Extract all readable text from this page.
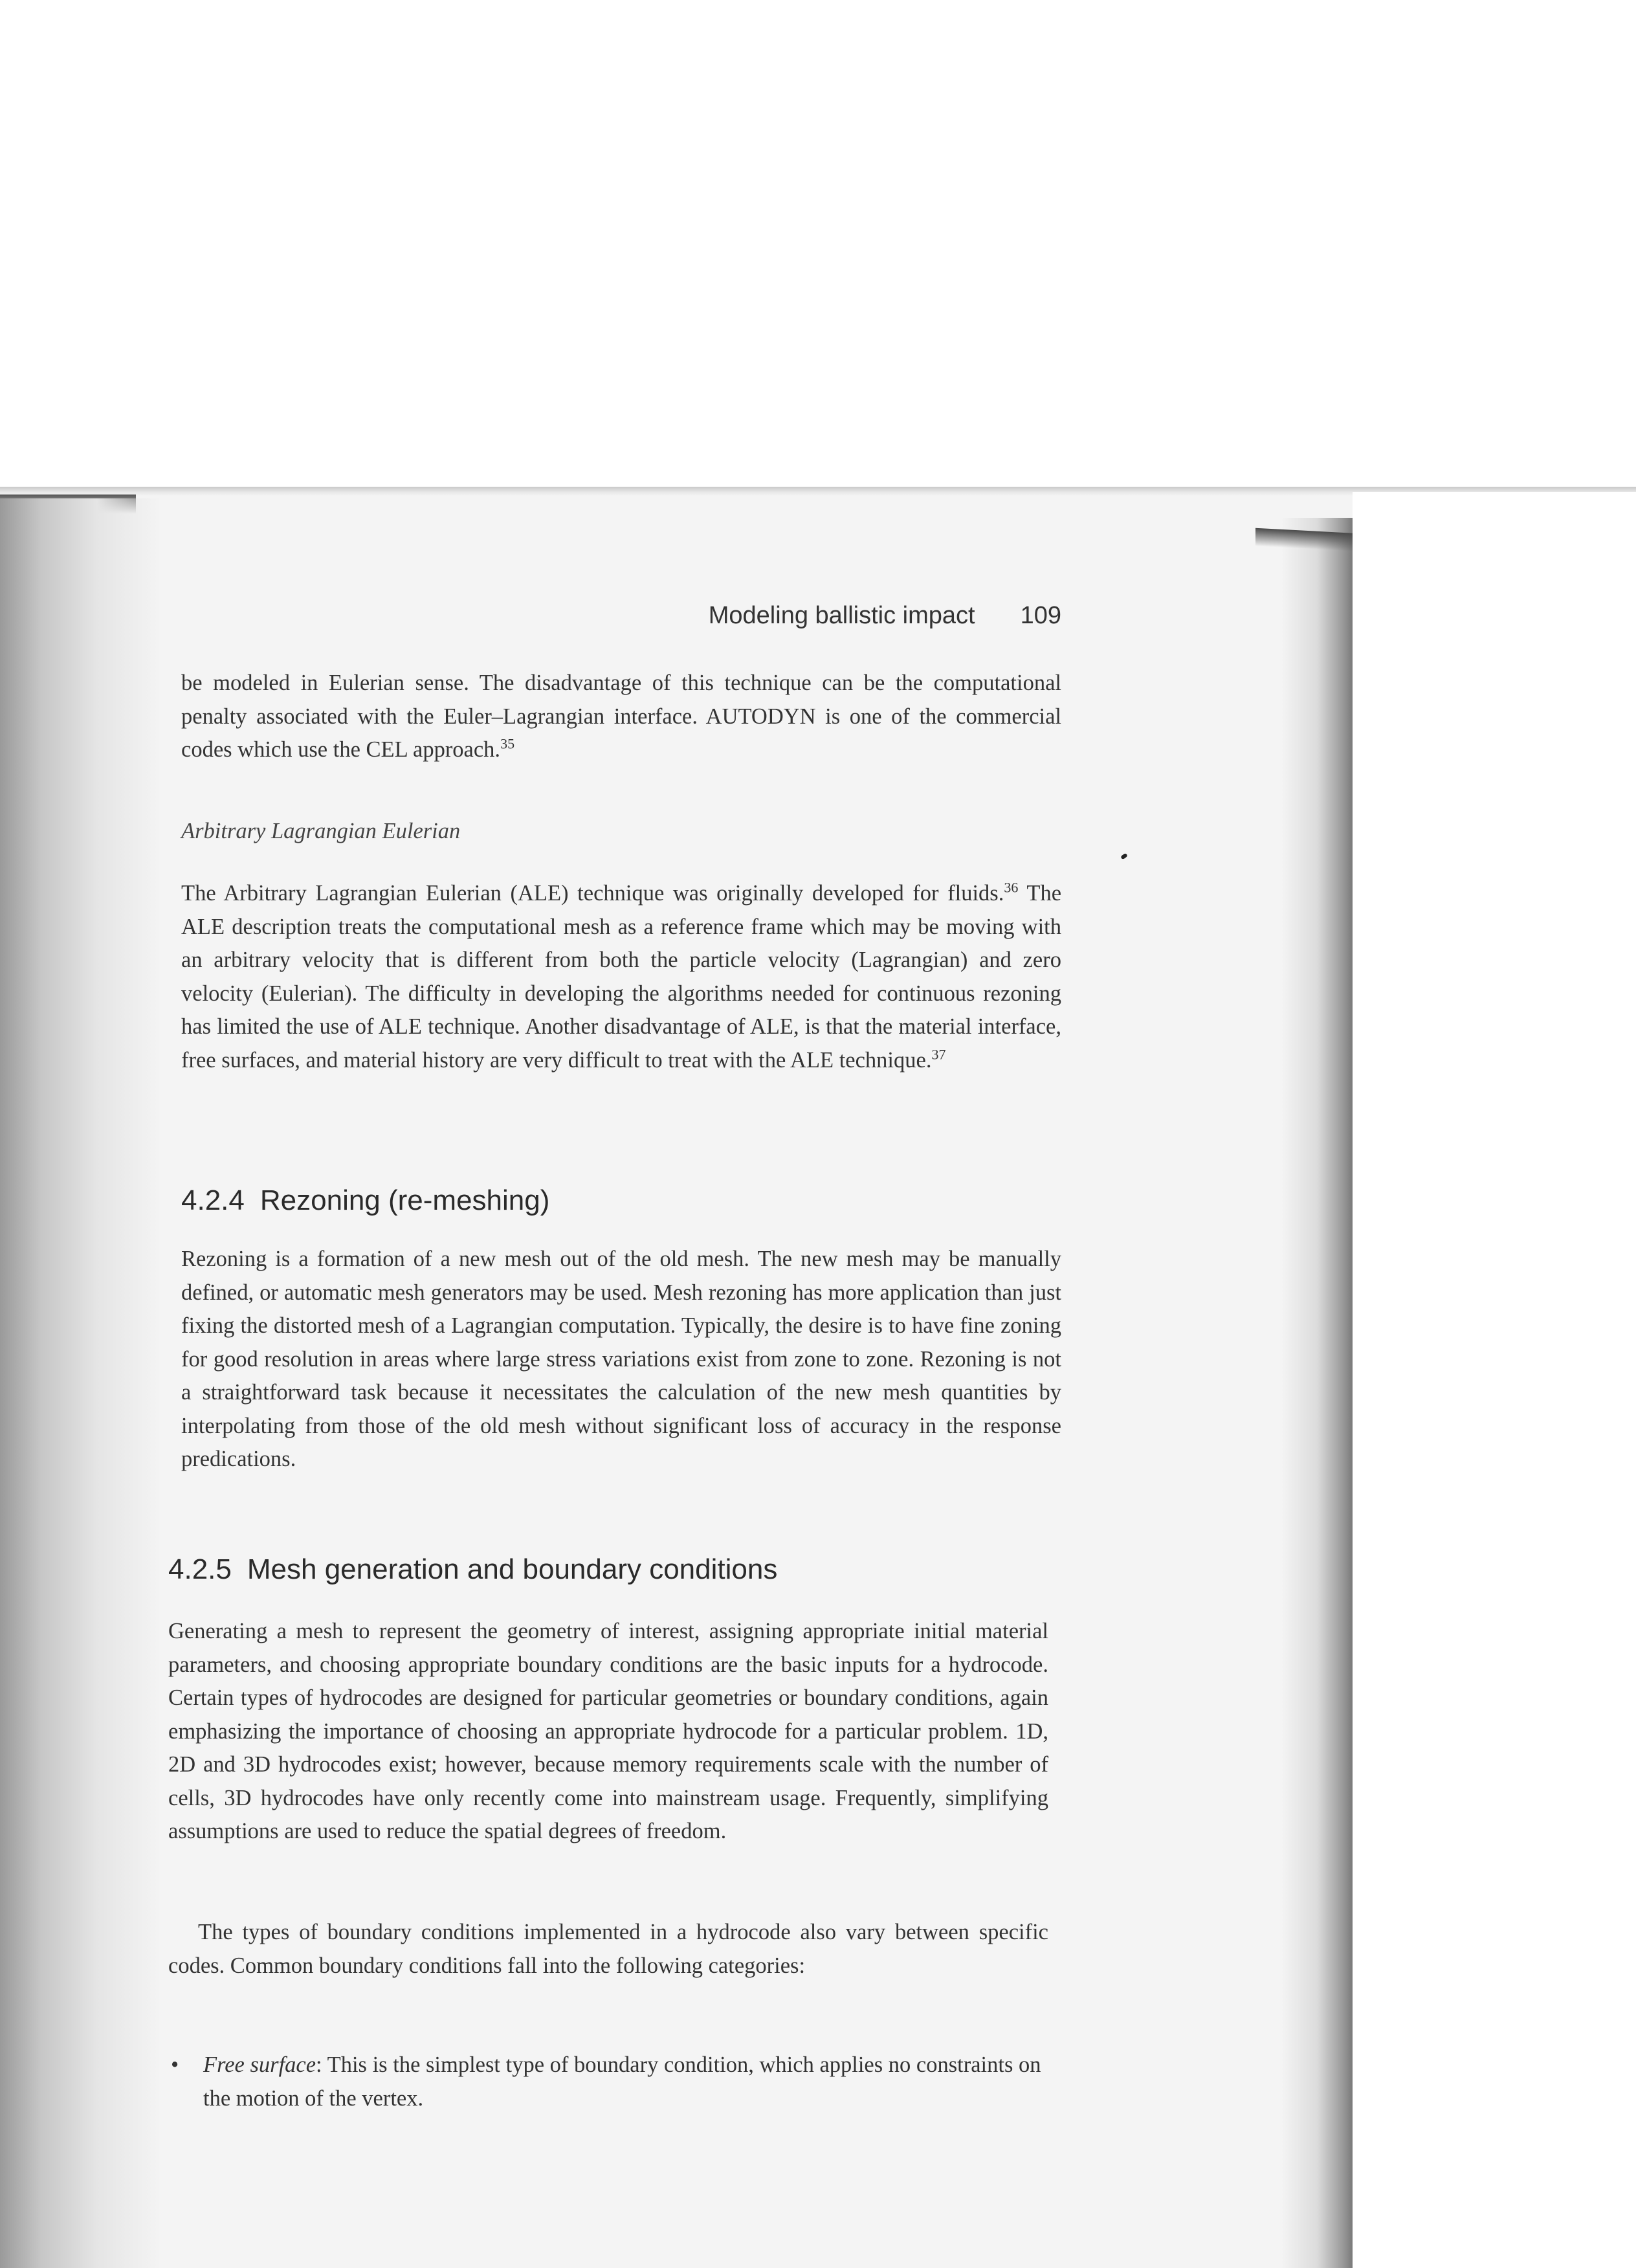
Modeling ballistic impact 109

be modeled in Eulerian sense. The disadvantage of this technique can be the computational penalty associated with the Euler–Lagrangian interface. AUTODYN is one of the commercial codes which use the CEL approach.$^{35}$

Arbitrary Lagrangian Eulerian

The Arbitrary Lagrangian Eulerian (ALE) technique was originally developed for fluids.$^{36}$ The ALE description treats the computational mesh as a reference frame which may be moving with an arbitrary velocity that is different from both the particle velocity (Lagrangian) and zero velocity (Eulerian). The difficulty in developing the algorithms needed for continuous rezoning has limited the use of ALE technique. Another disadvantage of ALE, is that the material interface, free surfaces, and material history are very difficult to treat with the ALE technique.$^{37}$

4.2.4 Rezoning (re-meshing)

Rezoning is a formation of a new mesh out of the old mesh. The new mesh may be manually defined, or automatic mesh generators may be used. Mesh rezoning has more application than just fixing the distorted mesh of a Lagrangian computation. Typically, the desire is to have fine zoning for good resolution in areas where large stress variations exist from zone to zone. Rezoning is not a straightforward task because it necessitates the calculation of the new mesh quantities by interpolating from those of the old mesh without significant loss of accuracy in the response predications.

4.2.5 Mesh generation and boundary conditions

Generating a mesh to represent the geometry of interest, assigning appropriate initial material parameters, and choosing appropriate boundary conditions are the basic inputs for a hydrocode. Certain types of hydrocodes are designed for particular geometries or boundary conditions, again emphasizing the importance of choosing an appropriate hydrocode for a particular problem. 1D, 2D and 3D hydrocodes exist; however, because memory requirements scale with the number of cells, 3D hydrocodes have only recently come into mainstream usage. Frequently, simplifying assumptions are used to reduce the spatial degrees of freedom.

The types of boundary conditions implemented in a hydrocode also vary between specific codes. Common boundary conditions fall into the following categories:

• Free surface: This is the simplest type of boundary condition, which applies no constraints on the motion of the vertex.
